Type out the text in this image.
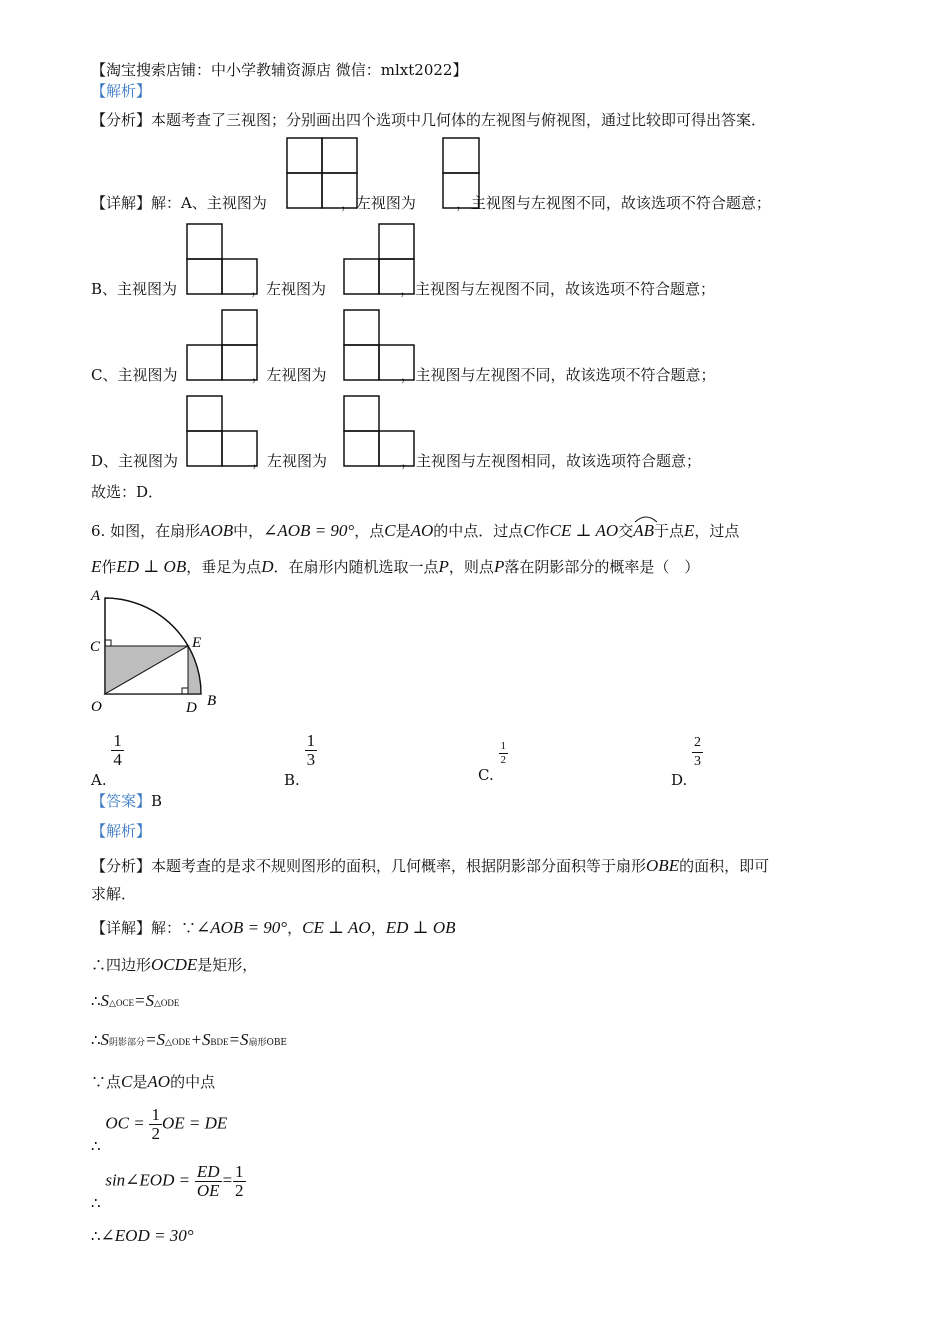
【淘宝搜索店铺：中小学教辅资源店 微信：mlxt2022】
【解析】
【分析】本题考查了三视图；分别画出四个选项中几何体的左视图与俯视图，通过比较即可得出答案．
【详解】解：A、主视图为	，左视图为	，主视图与左视图不同，故该选项不符合题意；
B、主视图为	，左视图为	，主视图与左视图不同，故该选项不符合题意；
C、主视图为	，左视图为	，主视图与左视图不同，故该选项不符合题意；
D、主视图为	，左视图为	，主视图与左视图相同，故该选项符合题意；
故选：D．
6. 如图，在扇形AOB中，∠AOB = 90°，点C是AO的中点．过点C作CE ⊥ AO交
AB于点E，过点
E作ED ⊥ OB，垂足为点D．在扇形内随机选取一点P，则点P落在阴影部分的概率是（　）
A
C	E
O	D B
A.
$\frac{1}{4}$
B.
$\frac{1}{3}$
C.
$\frac{1}{2}$
D.
$\frac{2}{3}$
【答案】B
【解析】
【分析】本题考查的是求不规则图形的面积，几何概率，根据阴影部分面积等于扇形OBE的面积，即可
求解．
【详解】解：∵∠AOB = 90°，CE ⊥ AO，ED ⊥ OB
∴四边形OCDE是矩形，
∴S△OCE=S△ODE
∴S阴影部分=S△ODE+SBDE=S扇形OBE
∵点C是AO的中点
∴ OC = $\frac{1}{2}$ OE = DE
∴ sin∠EOD = $\frac{ED}{OE} = \frac{1}{2}$
∴∠EOD = 30°
